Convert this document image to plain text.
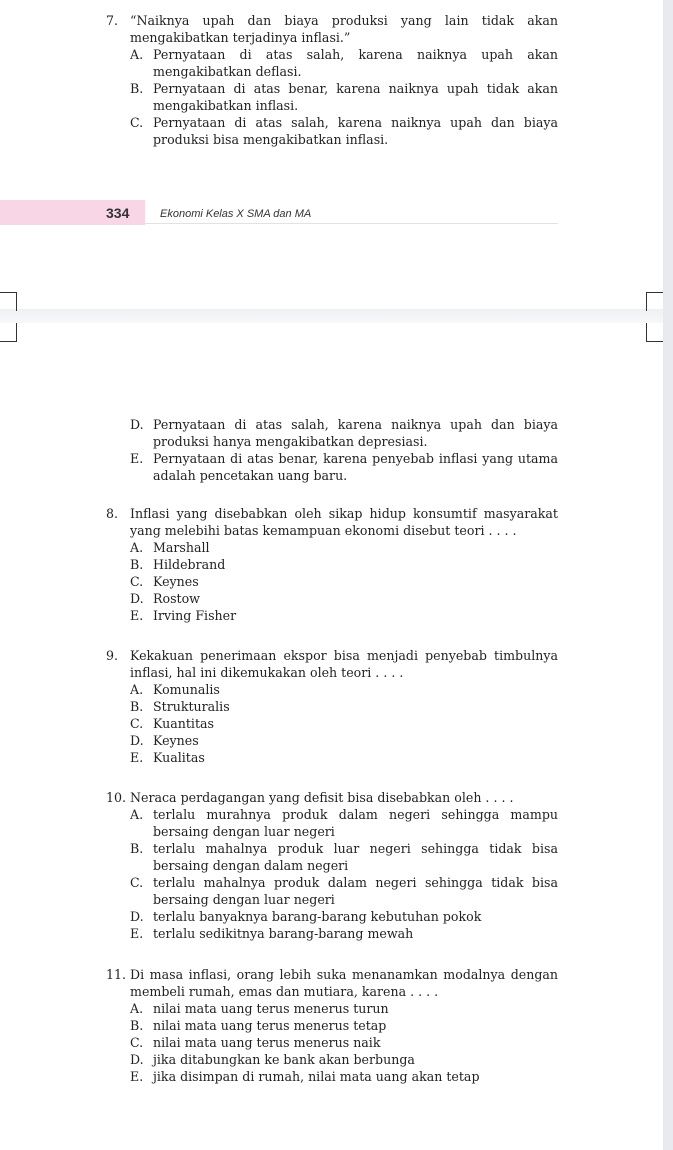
7. “Naiknya upah dan biaya produksi yang lain tidak akan mengakibatkan terjadinya inflasi.”
A. Pernyataan di atas salah, karena naiknya upah akan mengakibatkan deflasi.
B. Pernyataan di atas benar, karena naiknya upah tidak akan mengakibatkan inflasi.
C. Pernyataan di atas salah, karena naiknya upah dan biaya produksi bisa mengakibatkan inflasi.
334	Ekonomi Kelas X SMA dan MA
D. Pernyataan di atas salah, karena naiknya upah dan biaya produksi hanya mengakibatkan depresiasi.
E. Pernyataan di atas benar, karena penyebab inflasi yang utama adalah pencetakan uang baru.
8. Inflasi yang disebabkan oleh sikap hidup konsumtif masyarakat yang melebihi batas kemampuan ekonomi disebut teori . . . .
A. Marshall
B. Hildebrand
C. Keynes
D. Rostow
E. Irving Fisher
9. Kekakuan penerimaan ekspor bisa menjadi penyebab timbulnya inflasi, hal ini dikemukakan oleh teori . . . .
A. Komunalis
B. Strukturalis
C. Kuantitas
D. Keynes
E. Kualitas
10. Neraca perdagangan yang defisit bisa disebabkan oleh . . . .
A. terlalu murahnya produk dalam negeri sehingga mampu bersaing dengan luar negeri
B. terlalu mahalnya produk luar negeri sehingga tidak bisa bersaing dengan dalam negeri
C. terlalu mahalnya produk dalam negeri sehingga tidak bisa bersaing dengan luar negeri
D. terlalu banyaknya barang-barang kebutuhan pokok
E. terlalu sedikitnya barang-barang mewah
11. Di masa inflasi, orang lebih suka menanamkan modalnya dengan membeli rumah, emas dan mutiara, karena . . . .
A. nilai mata uang terus menerus turun
B. nilai mata uang terus menerus tetap
C. nilai mata uang terus menerus naik
D. jika ditabungkan ke bank akan berbunga
E. jika disimpan di rumah, nilai mata uang akan tetap
